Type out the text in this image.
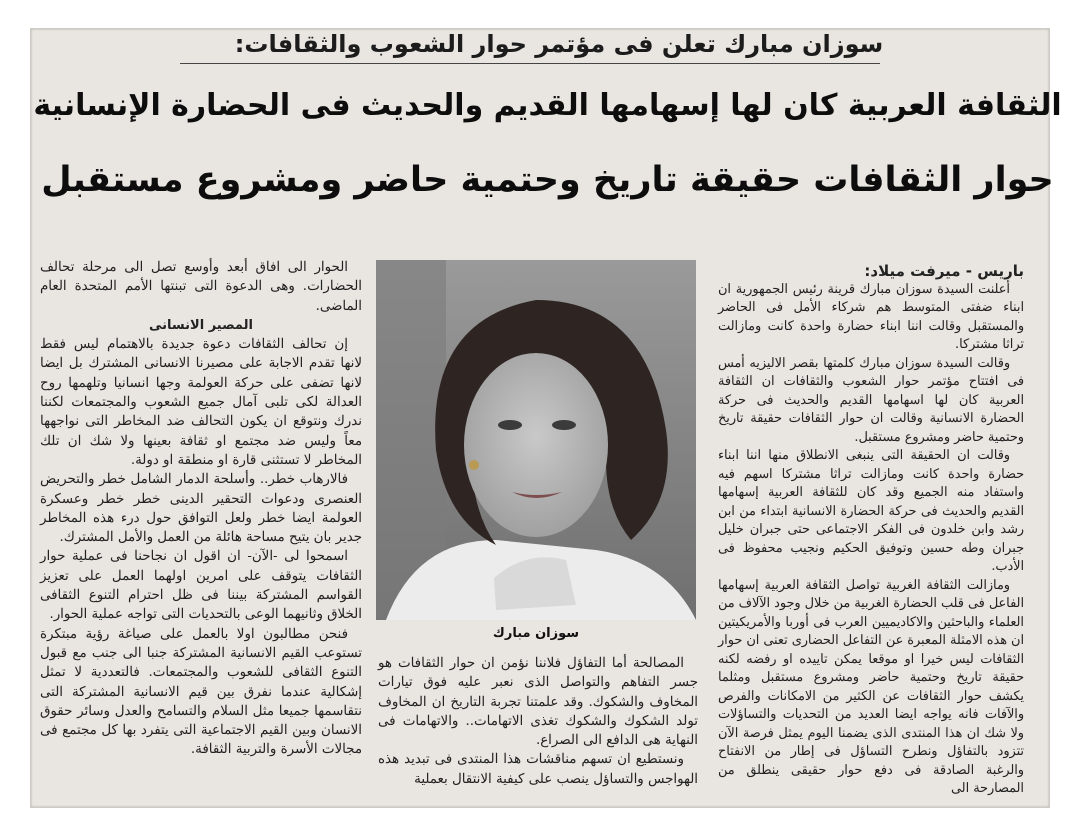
سوزان مبارك تعلن فى مؤتمر حوار الشعوب والثقافات:
الثقافة العربية كان لها إسهامها القديم والحديث فى الحضارة الإنسانية
حوار الثقافات حقيقة تاريخ وحتمية حاضر ومشروع مستقبل

باريس - ميرفت ميلاد:

أعلنت السيدة سوزان مبارك قرينة رئيس الجمهورية ان ابناء ضفتى المتوسط هم شركاء الأمل فى الحاضر والمستقبل وقالت اننا ابناء حضارة واحدة كانت ومازالت تراثا مشتركا.

وقالت السيدة سوزان مبارك كلمتها بقصر الاليزيه أمس فى افتتاح مؤتمر حوار الشعوب والثقافات ان الثقافة العربية كان لها اسهامها القديم والحديث فى حركة الحضارة الانسانية وقالت ان حوار الثقافات حقيقة تاريخ وحتمية حاضر ومشروع مستقبل.

وقالت ان الحقيقة التى ينبغى الانطلاق منها اننا ابناء حضارة واحدة كانت ومازالت تراثا مشتركا اسهم فيه واستفاد منه الجميع وقد كان للثقافة العربية إسهامها القديم والحديث فى حركة الحضارة الانسانية ابتداء من ابن رشد وابن خلدون فى الفكر الاجتماعى حتى جبران خليل جبران وطه حسين وتوفيق الحكيم ونجيب محفوظ فى الأدب.

ومازالت الثقافة الغربية تواصل الثقافة العربية إسهامها الفاعل فى قلب الحضارة الغربية من خلال وجود الآلاف من العلماء والباحثين والاكاديميين العرب فى أوربا والأمريكيتين ان هذه الامثلة المعبرة عن التفاعل الحضارى تعنى ان حوار الثقافات ليس خيرا او موقعا يمكن تاييده او رفضه لكنه حقيقة تاريخ وحتمية حاضر ومشروع مستقبل ومثلما يكشف حوار الثقافات عن الكثير من الامكانات والفرص والآفات فانه يواجه ايضا العديد من التحديات والتساؤلات ولا شك ان هذا المنتدى الذى يضمنا اليوم يمثل فرصة الآن تتزود بالتفاؤل ونطرح التساؤل فى إطار من الانفتاح والرغبة الصادقة فى دفع حوار حقيقى ينطلق من المصارحة الى

سوزان مبارك

المصالحة أما التفاؤل فلاننا نؤمن ان حوار الثقافات هو جسر التفاهم والتواصل الذى نعبر عليه فوق تيارات المخاوف والشكوك. وقد علمتنا تجربة التاريخ ان المخاوف تولد الشكوك والشكوك تغذى الاتهامات.. والاتهامات فى النهاية هى الدافع الى الصراع.

ونستطيع ان تسهم مناقشات هذا المنتدى فى تبديد هذه الهواجس والتساؤل ينصب على كيفية الانتقال بعملية

الحوار الى افاق أبعد وأوسع تصل الى مرحلة تحالف الحضارات. وهى الدعوة التى تبنتها الأمم المتحدة العام الماضى.

المصير الانسانى

إن تحالف الثقافات دعوة جديدة بالاهتمام ليس فقط لانها تقدم الاجابة على مصيرنا الانسانى المشترك بل ايضا لانها تضفى على حركة العولمة وجها انسانيا وتلهمها روح العدالة لكى تلبى آمال جميع الشعوب والمجتمعات لكننا ندرك ونتوقع ان يكون التحالف ضد المخاطر التى نواجهها معاً وليس ضد مجتمع او ثقافة بعينها ولا شك ان تلك المخاطر لا تستثنى قارة او منطقة او دولة.

فالارهاب خطر.. وأسلحة الدمار الشامل خطر والتحريض العنصرى ودعوات التحقير الدينى خطر خطر وعسكرة العولمة ايضا خطر ولعل التوافق حول درء هذه المخاطر جدير بان يتيح مساحة هائلة من العمل والأمل المشترك.

اسمحوا لى -الآن- ان اقول ان نجاحنا فى عملية حوار الثقافات يتوقف على امرين اولهما العمل على تعزيز القواسم المشتركة بيننا فى ظل احترام التنوع الثقافى الخلاق وثانيهما الوعى بالتحديات التى تواجه عملية الحوار.

فنحن مطالبون اولا بالعمل على صياغة رؤية مبتكرة تستوعب القيم الانسانية المشتركة جنبا الى جنب مع قبول التنوع الثقافى للشعوب والمجتمعات. فالتعددية لا تمثل إشكالية عندما نفرق بين قيم الانسانية المشتركة التى نتقاسمها جميعا مثل السلام والتسامح والعدل وسائر حقوق الانسان وبين القيم الاجتماعية التى يتفرد بها كل مجتمع فى مجالات الأسرة والتربية الثقافة.
